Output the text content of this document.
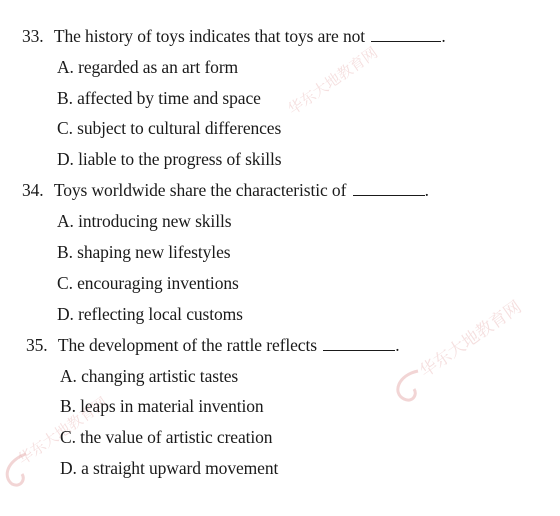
华东大地教育网
华东大地教育网
华东大地教育网
33. The history of toys indicates that toys are not	.
A. regarded as an art form
B. affected by time and space
C. subject to cultural differences
D. liable to the progress of skills
34. Toys worldwide share the characteristic of	.
A. introducing new skills
B. shaping new lifestyles
C. encouraging inventions
D. reflecting local customs
35. The development of the rattle reflects	.
A. changing artistic tastes
B. leaps in material invention
C. the value of artistic creation
D. a straight upward movement
